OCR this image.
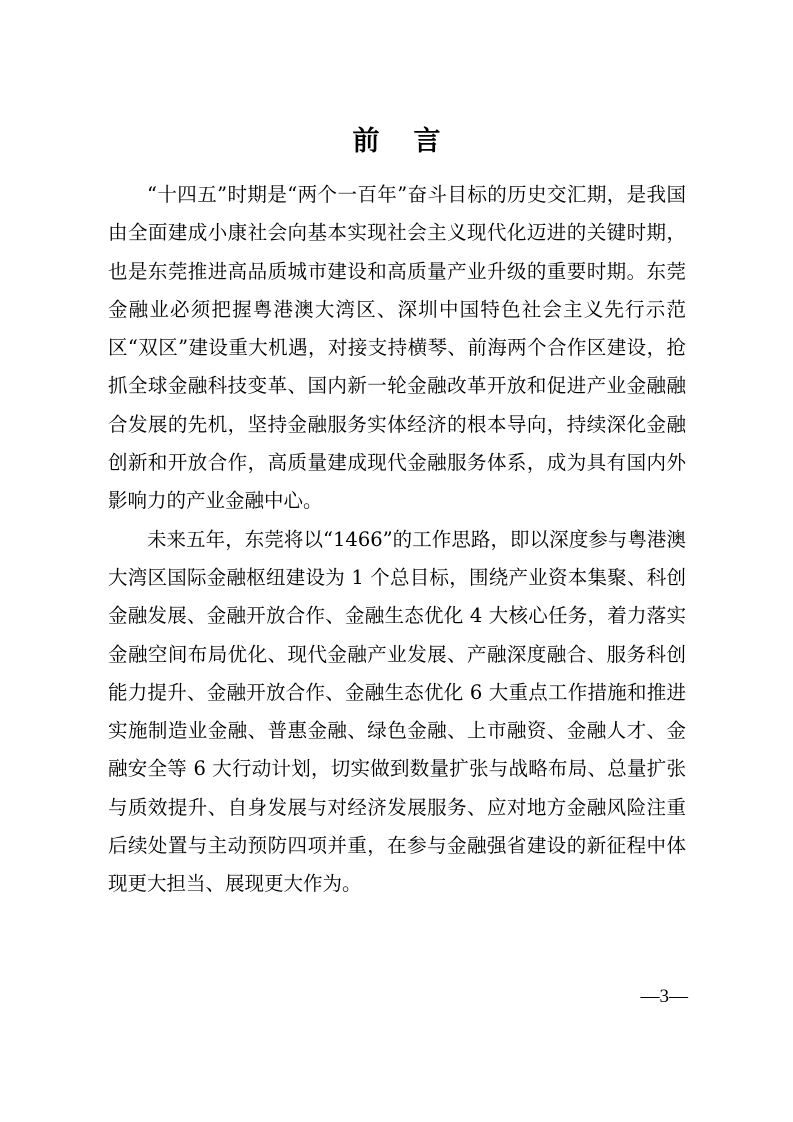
前言

“十四五”时期是“两个一百年”奋斗目标的历史交汇期，是我国由全面建成小康社会向基本实现社会主义现代化迈进的关键时期，也是东莞推进高品质城市建设和高质量产业升级的重要时期。东莞金融业必须把握粤港澳大湾区、深圳中国特色社会主义先行示范区“双区”建设重大机遇，对接支持横琴、前海两个合作区建设，抢抓全球金融科技变革、国内新一轮金融改革开放和促进产业金融融合发展的先机，坚持金融服务实体经济的根本导向，持续深化金融创新和开放合作，高质量建成现代金融服务体系，成为具有国内外影响力的产业金融中心。

未来五年，东莞将以“1466”的工作思路，即以深度参与粤港澳大湾区国际金融枢纽建设为 1 个总目标，围绕产业资本集聚、科创金融发展、金融开放合作、金融生态优化 4 大核心任务，着力落实金融空间布局优化、现代金融产业发展、产融深度融合、服务科创能力提升、金融开放合作、金融生态优化 6 大重点工作措施和推进实施制造业金融、普惠金融、绿色金融、上市融资、金融人才、金融安全等 6 大行动计划，切实做到数量扩张与战略布局、总量扩张与质效提升、自身发展与对经济发展服务、应对地方金融风险注重后续处置与主动预防四项并重，在参与金融强省建设的新征程中体现更大担当、展现更大作为。

—3—
